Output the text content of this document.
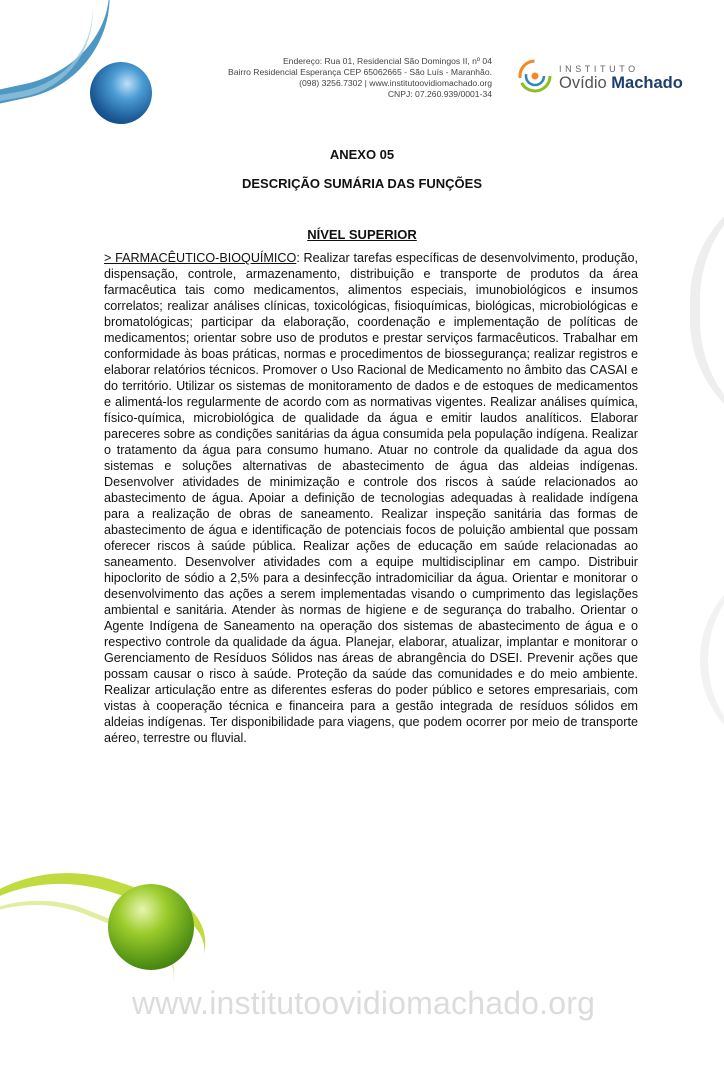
Endereço: Rua 01, Residencial São Domingos II, nº 04
Bairro Residencial Esperança CEP 65062665 - São Luís - Maranhão.
(098) 3256.7302 | www.institutoovidiomachado.org
CNPJ: 07.260.939/0001-34
INSTITUTO
Ovídio Machado
ANEXO 05
DESCRIÇÃO SUMÁRIA DAS FUNÇÕES
NÍVEL SUPERIOR
> FARMACÊUTICO-BIOQUÍMICO: Realizar tarefas específicas de desenvolvimento, produção, dispensação, controle, armazenamento, distribuição e transporte de produtos da área farmacêutica tais como medicamentos, alimentos especiais, imunobiológicos e insumos correlatos; realizar análises clínicas, toxicológicas, fisioquímicas, biológicas, microbiológicas e bromatológicas; participar da elaboração, coordenação e implementação de políticas de medicamentos; orientar sobre uso de produtos e prestar serviços farmacêuticos. Trabalhar em conformidade às boas práticas, normas e procedimentos de biossegurança; realizar registros e elaborar relatórios técnicos. Promover o Uso Racional de Medicamento no âmbito das CASAI e do território. Utilizar os sistemas de monitoramento de dados e de estoques de medicamentos e alimentá-los regularmente de acordo com as normativas vigentes. Realizar análises química, físico-química, microbiológica de qualidade da água e emitir laudos analíticos. Elaborar pareceres sobre as condições sanitárias da água consumida pela população indígena. Realizar o tratamento da água para consumo humano. Atuar no controle da qualidade da agua dos sistemas e soluções alternativas de abastecimento de água das aldeias indígenas. Desenvolver atividades de minimização e controle dos riscos à saúde relacionados ao abastecimento de água. Apoiar a definição de tecnologias adequadas à realidade indígena para a realização de obras de saneamento. Realizar inspeção sanitária das formas de abastecimento de água e identificação de potenciais focos de poluição ambiental que possam oferecer riscos à saúde pública. Realizar ações de educação em saúde relacionadas ao saneamento. Desenvolver atividades com a equipe multidisciplinar em campo. Distribuir hipoclorito de sódio a 2,5% para a desinfecção intradomiciliar da água. Orientar e monitorar o desenvolvimento das ações a serem implementadas visando o cumprimento das legislações ambiental e sanitária. Atender às normas de higiene e de segurança do trabalho. Orientar o Agente Indígena de Saneamento na operação dos sistemas de abastecimento de água e o respectivo controle da qualidade da água. Planejar, elaborar, atualizar, implantar e monitorar o Gerenciamento de Resíduos Sólidos nas áreas de abrangência do DSEI. Prevenir ações que possam causar o risco à saúde. Proteção da saúde das comunidades e do meio ambiente. Realizar articulação entre as diferentes esferas do poder público e setores empresariais, com vistas à cooperação técnica e financeira para a gestão integrada de resíduos sólidos em aldeias indígenas. Ter disponibilidade para viagens, que podem ocorrer por meio de transporte aéreo, terrestre ou fluvial.
www.institutoovidiomachado.org
